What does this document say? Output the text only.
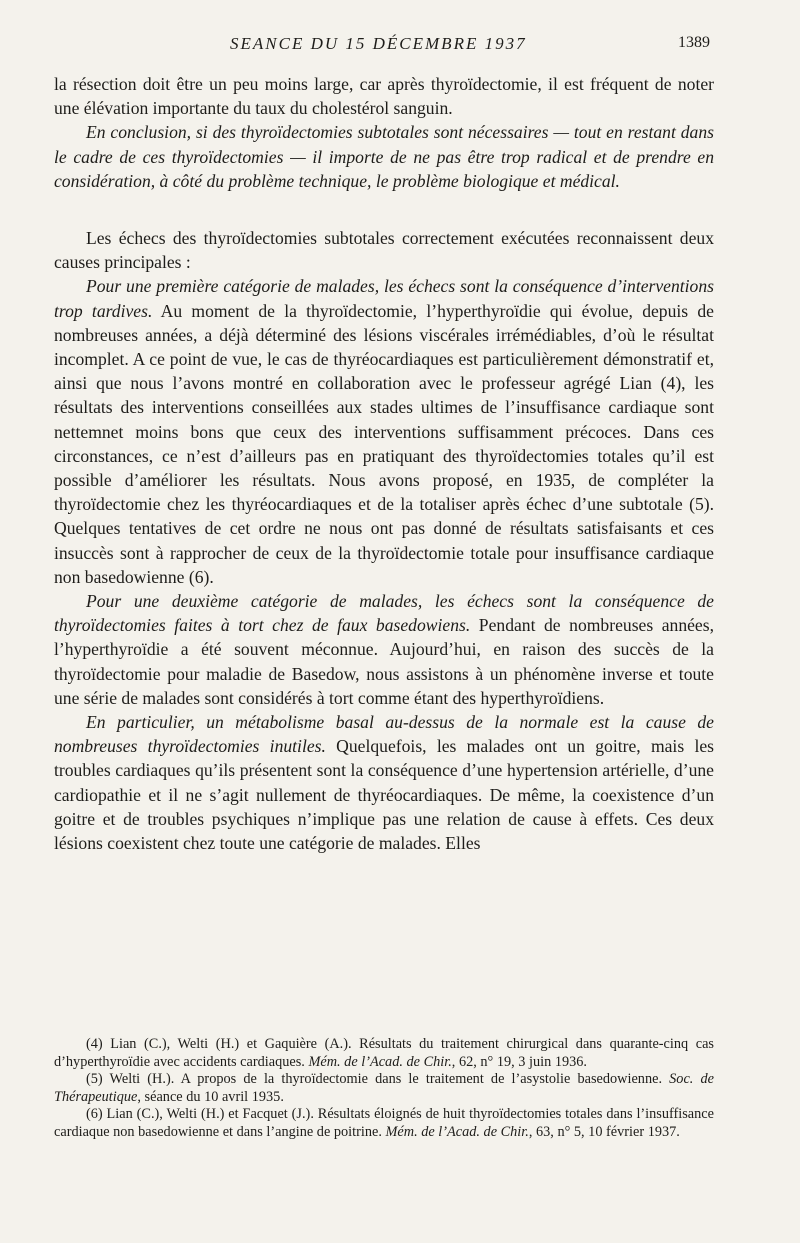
SEANCE DU 15 DÉCEMBRE 1937	1389

la résection doit être un peu moins large, car après thyroïdectomie, il est fréquent de noter une élévation importante du taux du cholestérol sanguin.

En conclusion, si des thyroïdectomies subtotales sont nécessaires — tout en restant dans le cadre de ces thyroïdectomies — il importe de ne pas être trop radical et de prendre en considération, à côté du problème technique, le problème biologique et médical.

Les échecs des thyroïdectomies subtotales correctement exécutées reconnaissent deux causes principales :

Pour une première catégorie de malades, les échecs sont la conséquence d’interventions trop tardives. Au moment de la thyroïdectomie, l’hyperthyroïdie qui évolue, depuis de nombreuses années, a déjà déterminé des lésions viscérales irrémédiables, d’où le résultat incomplet. A ce point de vue, le cas de thyréocardiaques est particulièrement démonstratif et, ainsi que nous l’avons montré en collaboration avec le professeur agrégé Lian (4), les résultats des interventions conseillées aux stades ultimes de l’insuffisance cardiaque sont nettemnet moins bons que ceux des interventions suffisamment précoces. Dans ces circonstances, ce n’est d’ailleurs pas en pratiquant des thyroïdectomies totales qu’il est possible d’améliorer les résultats. Nous avons proposé, en 1935, de compléter la thyroïdectomie chez les thyréocardiaques et de la totaliser après échec d’une subtotale (5). Quelques tentatives de cet ordre ne nous ont pas donné de résultats satisfaisants et ces insuccès sont à rapprocher de ceux de la thyroïdectomie totale pour insuffisance cardiaque non basedowienne (6).

Pour une deuxième catégorie de malades, les échecs sont la conséquence de thyroïdectomies faites à tort chez de faux basedowiens. Pendant de nombreuses années, l’hyperthyroïdie a été souvent méconnue. Aujourd’hui, en raison des succès de la thyroïdectomie pour maladie de Basedow, nous assistons à un phénomène inverse et toute une série de malades sont considérés à tort comme étant des hyperthyroïdiens.

En particulier, un métabolisme basal au-dessus de la normale est la cause de nombreuses thyroïdectomies inutiles. Quelquefois, les malades ont un goitre, mais les troubles cardiaques qu’ils présentent sont la conséquence d’une hypertension artérielle, d’une cardiopathie et il ne s’agit nullement de thyréocardiaques. De même, la coexistence d’un goitre et de troubles psychiques n’implique pas une relation de cause à effets. Ces deux lésions coexistent chez toute une catégorie de malades. Elles

(4) Lian (C.), Welti (H.) et Gaquière (A.). Résultats du traitement chirurgical dans quarante-cinq cas d’hyperthyroïdie avec accidents cardiaques. Mém. de l’Acad. de Chir., 62, n° 19, 3 juin 1936.

(5) Welti (H.). A propos de la thyroïdectomie dans le traitement de l’asystolie basedowienne. Soc. de Thérapeutique, séance du 10 avril 1935.

(6) Lian (C.), Welti (H.) et Facquet (J.). Résultats éloignés de huit thyroïdectomies totales dans l’insuffisance cardiaque non basedowienne et dans l’angine de poitrine. Mém. de l’Acad. de Chir., 63, n° 5, 10 février 1937.
